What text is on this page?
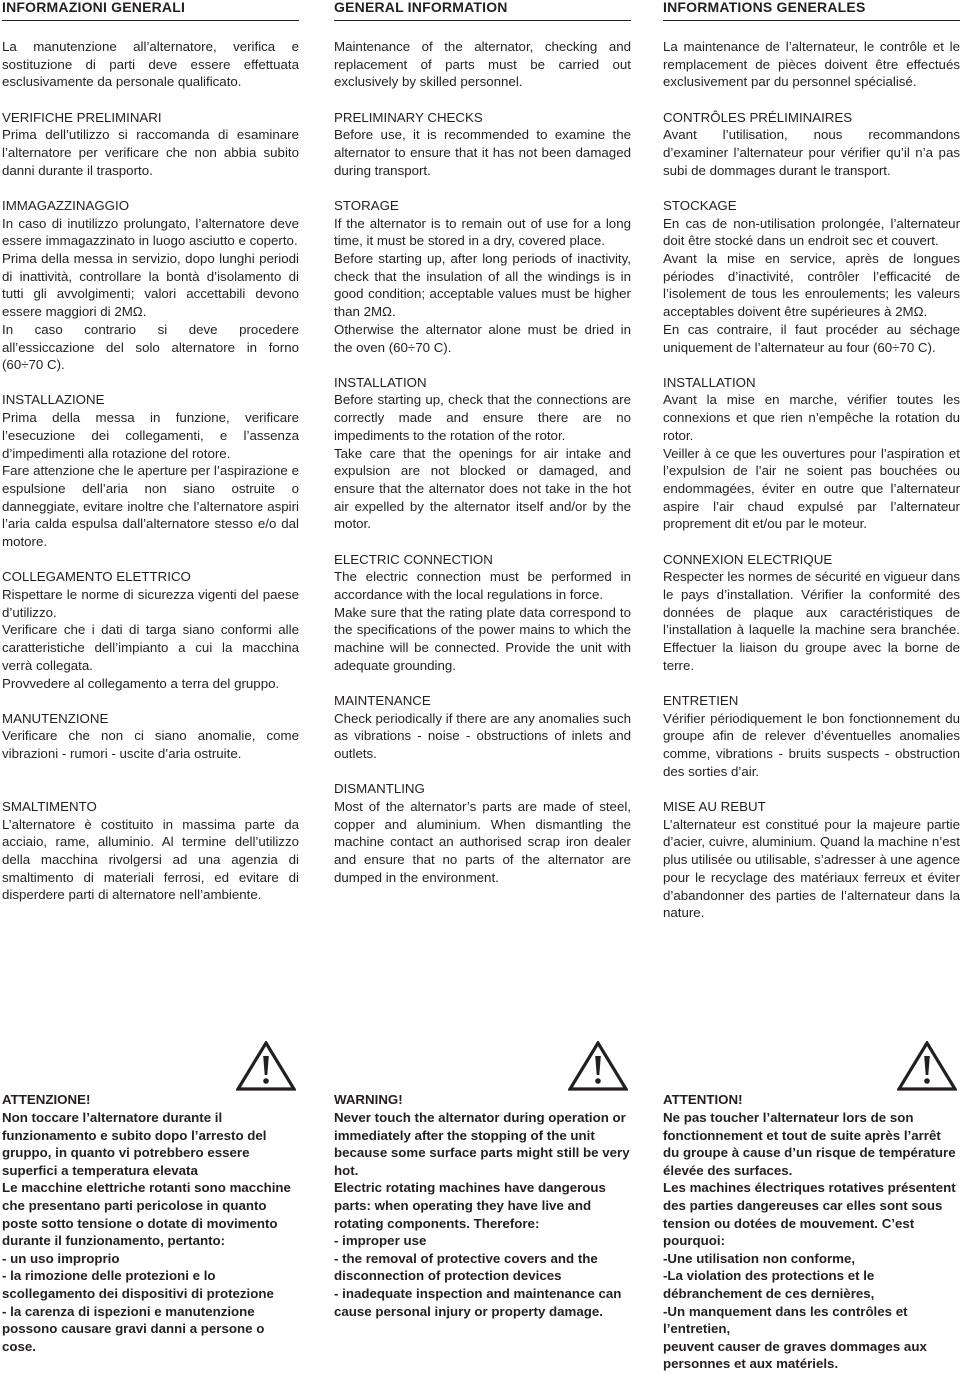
INFORMAZIONI GENERALI

La manutenzione all’alternatore, verifica e sostituzione di parti deve essere effettuata esclusivamente da personale qualificato.

VERIFICHE PRELIMINARI

Prima dell’utilizzo si raccomanda di esaminare l’alternatore per verificare che non abbia subito danni durante il trasporto.

IMMAGAZZINAGGIO

In caso di inutilizzo prolungato, l’alternatore deve essere immagazzinato in luogo asciutto e coperto.

Prima della messa in servizio, dopo lunghi periodi di inattività, controllare la bontà d’isolamento di tutti gli avvolgimenti; valori accettabili devono essere maggiori di 2MΩ.

In caso contrario si deve procedere all’essiccazione del solo alternatore in forno (60÷70 C).

INSTALLAZIONE

Prima della messa in funzione, verificare l’esecuzione dei collegamenti, e l’assenza d’impedimenti alla rotazione del rotore.

Fare attenzione che le aperture per l’aspirazione e espulsione dell’aria non siano ostruite o danneggiate, evitare inoltre che l’alternatore aspiri l’aria calda espulsa dall’alternatore stesso e/o dal motore.

COLLEGAMENTO ELETTRICO

Rispettare le norme di sicurezza vigenti del paese d’utilizzo.

Verificare che i dati di targa siano conformi alle caratteristiche dell’impianto a cui la macchina verrà collegata.

Provvedere al collegamento a terra del gruppo.

MANUTENZIONE

Verificare che non ci siano anomalie, come vibrazioni - rumori - uscite d’aria ostruite.

SMALTIMENTO

L’alternatore è costituito in massima parte da acciaio, rame, alluminio. Al termine dell’utilizzo della macchina rivolgersi ad una agenzia di smaltimento di materiali ferrosi, ed evitare di disperdere parti di alternatore nell’ambiente.

GENERAL INFORMATION

Maintenance of the alternator, checking and replacement of parts must be carried out exclusively by skilled personnel.

PRELIMINARY CHECKS

Before use, it is recommended to examine the alternator to ensure that it has not been damaged during transport.

STORAGE

If the alternator is to remain out of use for a long time, it must be stored in a dry, covered place.

Before starting up, after long periods of inactivity, check that the insulation of all the windings is in good condition; acceptable values must be higher than 2MΩ.

Otherwise the alternator alone must be dried in the oven (60÷70 C).

INSTALLATION

Before starting up, check that the connections are correctly made and ensure there are no impediments to the rotation of the rotor.

Take care that the openings for air intake and expulsion are not blocked or damaged, and ensure that the alternator does not take in the hot air expelled by the alternator itself and/or by the motor.

ELECTRIC CONNECTION

The electric connection must be performed in accordance with the local regulations in force.

Make sure that the rating plate data correspond to the specifications of the power mains to which the machine will be connected. Provide the unit with adequate grounding.

MAINTENANCE

Check periodically if there are any anomalies such as vibrations - noise - obstructions of inlets and outlets.

DISMANTLING

Most of the alternator’s parts are made of steel, copper and aluminium. When dismantling the machine contact an authorised scrap iron dealer and ensure that no parts of the alternator are dumped in the environment.

INFORMATIONS GENERALES

La maintenance de l’alternateur, le contrôle et le remplacement de pièces doivent être effectués exclusivement par du personnel spécialisé.

CONTRÔLES PRÉLIMINAIRES

Avant l’utilisation, nous recommandons d’examiner l’alternateur pour vérifier qu’il n’a pas subi de dommages durant le transport.

STOCKAGE

En cas de non-utilisation prolongée, l’alternateur doit être stocké dans un endroit sec et couvert.

Avant la mise en service, après de longues périodes d’inactivité, contrôler l’efficacité de l’isolement de tous les enroulements; les valeurs acceptables doivent être supérieures à 2MΩ.

En cas contraire, il faut procéder au séchage uniquement de l’alternateur au four (60÷70 C).

INSTALLATION

Avant la mise en marche, vérifier toutes les connexions et que rien n’empêche la rotation du rotor.

Veiller à ce que les ouvertures pour l’aspiration et l’expulsion de l’air ne soient pas bouchées ou endommagées, éviter en outre que l’alternateur aspire l’air chaud expulsé par l’alternateur proprement dit et/ou par le moteur.

CONNEXION ELECTRIQUE

Respecter les normes de sécurité en vigueur dans le pays d’installation. Vérifier la conformité des données de plaque aux caractéristiques de l’installation à laquelle la machine sera branchée. Effectuer la liaison du groupe avec la borne de terre.

ENTRETIEN

Vérifier périodiquement le bon fonctionnement du groupe afin de relever d’éventuelles anomalies comme, vibrations - bruits suspects - obstruction des sorties d’air.

MISE AU REBUT

L’alternateur est constitué pour la majeure partie d’acier, cuivre, aluminium. Quand la machine n’est plus utilisée ou utilisable, s’adresser à une agence pour le recyclage des matériaux ferreux et éviter d’abandonner des parties de l’alternateur dans la nature.

ATTENZIONE!

Non toccare l’alternatore durante il funzionamento e subito dopo l’arresto del gruppo, in quanto vi potrebbero essere superfici a temperatura elevata

Le macchine elettriche rotanti sono macchine che presentano parti pericolose in quanto poste sotto tensione o dotate di movimento durante il funzionamento, pertanto:

- un uso improprio

- la rimozione delle protezioni e lo scollegamento dei dispositivi di protezione

- la carenza di ispezioni e manutenzione possono causare gravi danni a persone o cose.

WARNING!

Never touch the alternator during operation or immediately after the stopping of the unit because some surface parts might still be very hot.

Electric rotating machines have dangerous parts: when operating they have live and rotating components. Therefore:

- improper use

- the removal of protective covers and the disconnection of protection devices

- inadequate inspection and maintenance can cause personal injury or property damage.

ATTENTION!

Ne pas toucher l’alternateur lors de son fonctionnement et tout de suite après l’arrêt du groupe à cause d’un risque de température élevée des surfaces.

Les machines électriques rotatives présentent des parties dangereuses car elles sont sous tension ou dotées de mouvement. C’est pourquoi:

-Une utilisation non conforme,

-La violation des protections et le débranchement de ces dernières,

-Un manquement dans les contrôles et l’entretien,

peuvent causer de graves dommages aux personnes et aux matériels.
